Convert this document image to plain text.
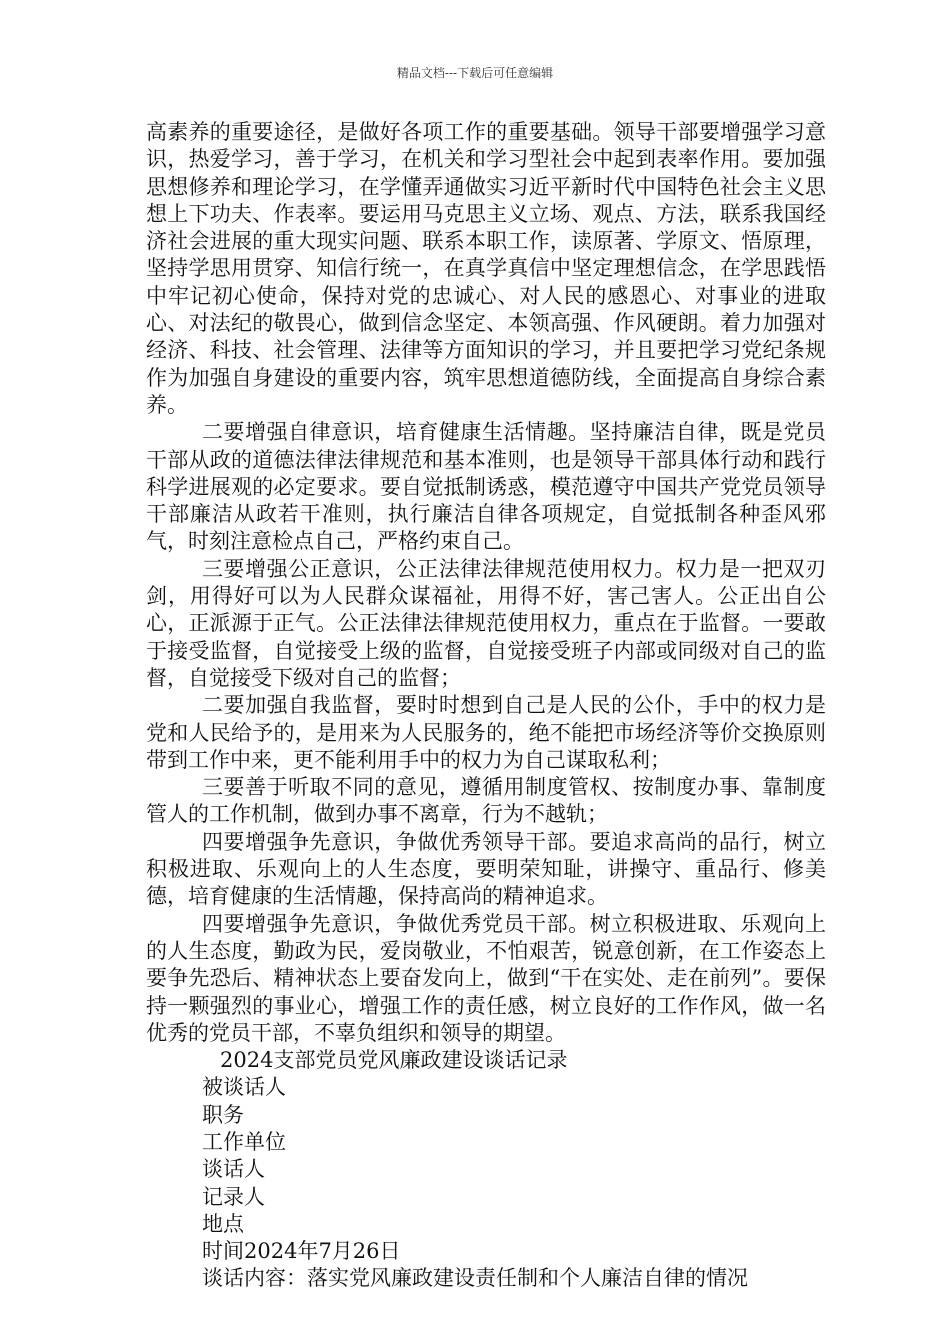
精品文档---下载后可任意编辑

高素养的重要途径，是做好各项工作的重要基础。领导干部要增强学习意识，热爱学习，善于学习，在机关和学习型社会中起到表率作用。要加强思想修养和理论学习，在学懂弄通做实习近平新时代中国特色社会主义思想上下功夫、作表率。要运用马克思主义立场、观点、方法，联系我国经济社会进展的重大现实问题、联系本职工作，读原著、学原文、悟原理，坚持学思用贯穿、知信行统一，在真学真信中坚定理想信念，在学思践悟中牢记初心使命，保持对党的忠诚心、对人民的感恩心、对事业的进取心、对法纪的敬畏心，做到信念坚定、本领高强、作风硬朗。着力加强对经济、科技、社会管理、法律等方面知识的学习，并且要把学习党纪条规作为加强自身建设的重要内容，筑牢思想道德防线，全面提高自身综合素养。

二要增强自律意识，培育健康生活情趣。坚持廉洁自律，既是党员干部从政的道德法律法律规范和基本准则，也是领导干部具体行动和践行科学进展观的必定要求。要自觉抵制诱惑，模范遵守中国共产党党员领导干部廉洁从政若干准则，执行廉洁自律各项规定，自觉抵制各种歪风邪气，时刻注意检点自己，严格约束自己。

三要增强公正意识，公正法律法律规范使用权力。权力是一把双刃剑，用得好可以为人民群众谋福祉，用得不好，害己害人。公正出自公心，正派源于正气。公正法律法律规范使用权力，重点在于监督。一要敢于接受监督，自觉接受上级的监督，自觉接受班子内部或同级对自己的监督，自觉接受下级对自己的监督；

二要加强自我监督，要时时想到自己是人民的公仆，手中的权力是党和人民给予的，是用来为人民服务的，绝不能把市场经济等价交换原则带到工作中来，更不能利用手中的权力为自己谋取私利；

三要善于听取不同的意见，遵循用制度管权、按制度办事、靠制度管人的工作机制，做到办事不离章，行为不越轨；

四要增强争先意识，争做优秀领导干部。要追求高尚的品行，树立积极进取、乐观向上的人生态度，要明荣知耻，讲操守、重品行、修美德，培育健康的生活情趣，保持高尚的精神追求。

四要增强争先意识，争做优秀党员干部。树立积极进取、乐观向上的人生态度，勤政为民，爱岗敬业，不怕艰苦，锐意创新，在工作姿态上要争先恐后、精神状态上要奋发向上，做到“干在实处、走在前列”。要保持一颗强烈的事业心，增强工作的责任感，树立良好的工作作风，做一名优秀的党员干部，不辜负组织和领导的期望。

2024支部党员党风廉政建设谈话记录

被谈话人

职务

工作单位

谈话人

记录人

地点

时间2024年7月26日

谈话内容：落实党风廉政建设责任制和个人廉洁自律的情况
